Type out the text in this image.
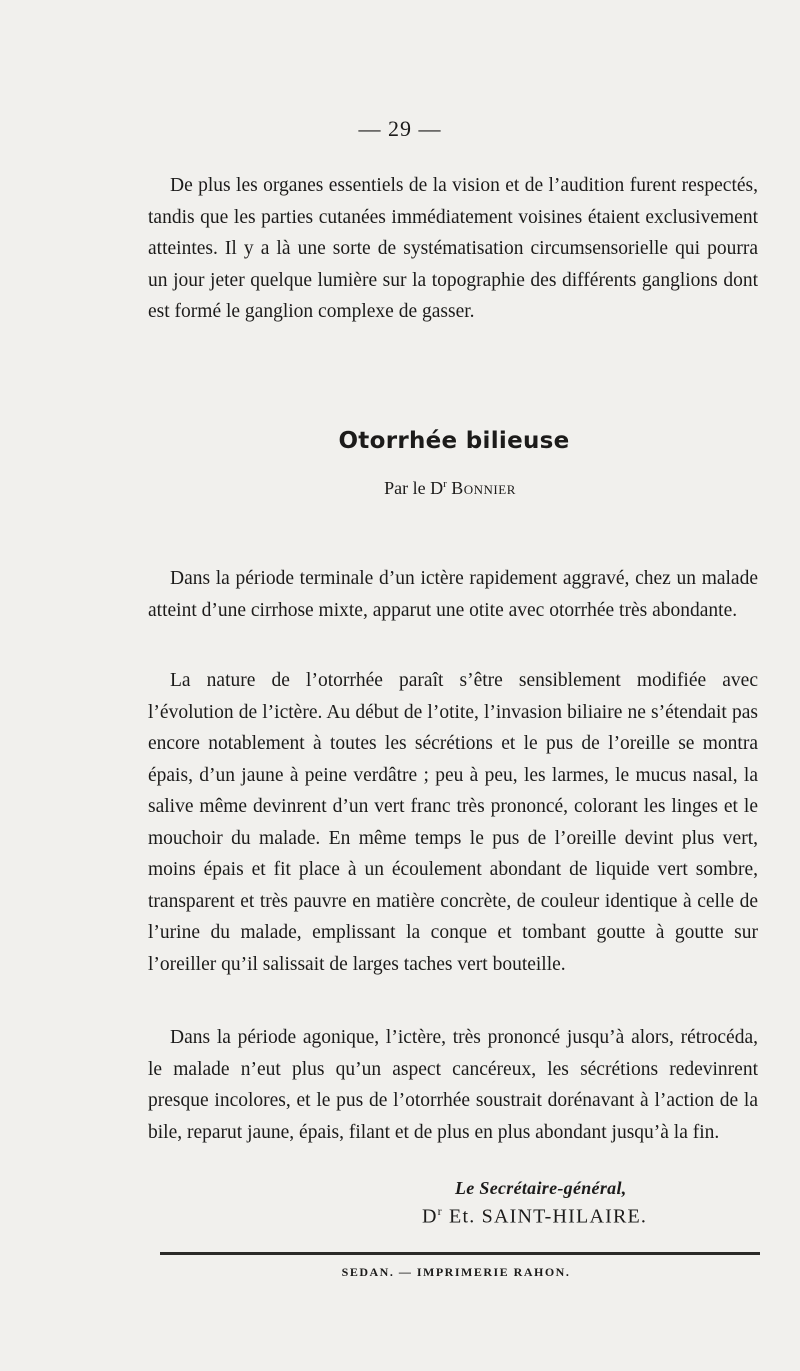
— 29 —

De plus les organes essentiels de la vision et de l’audition furent respectés, tandis que les parties cutanées immédiatement voisines étaient exclusivement atteintes. Il y a là une sorte de systématisation circumsensorielle qui pourra un jour jeter quelque lumière sur la topographie des différents ganglions dont est formé le ganglion complexe de gasser.

Otorrhée bilieuse
Par le $D^r$ Bonnier

Dans la période terminale d’un ictère rapidement aggravé, chez un malade atteint d’une cirrhose mixte, apparut une otite avec otorrhée très abondante.

La nature de l’otorrhée paraît s’être sensiblement modifiée avec l’évolution de l’ictère. Au début de l’otite, l’invasion biliaire ne s’étendait pas encore notablement à toutes les sécrétions et le pus de l’oreille se montra épais, d’un jaune à peine verdâtre ; peu à peu, les larmes, le mucus nasal, la salive même devinrent d’un vert franc très prononcé, colorant les linges et le mouchoir du malade. En même temps le pus de l’oreille devint plus vert, moins épais et fit place à un écoulement abondant de liquide vert sombre, transparent et très pauvre en matière concrète, de couleur identique à celle de l’urine du malade, emplissant la conque et tombant goutte à goutte sur l’oreiller qu’il salissait de larges taches vert bouteille.

Dans la période agonique, l’ictère, très prononcé jusqu’à alors, rétrocéda, le malade n’eut plus qu’un aspect cancéreux, les sécrétions redevinrent presque incolores, et le pus de l’otorrhée soustrait dorénavant à l’action de la bile, reparut jaune, épais, filant et de plus en plus abondant jusqu’à la fin.

Le Secrétaire-général,
$D^r$ Et. SAINT-HILAIRE.
SEDAN. — IMPRIMERIE RAHON.
